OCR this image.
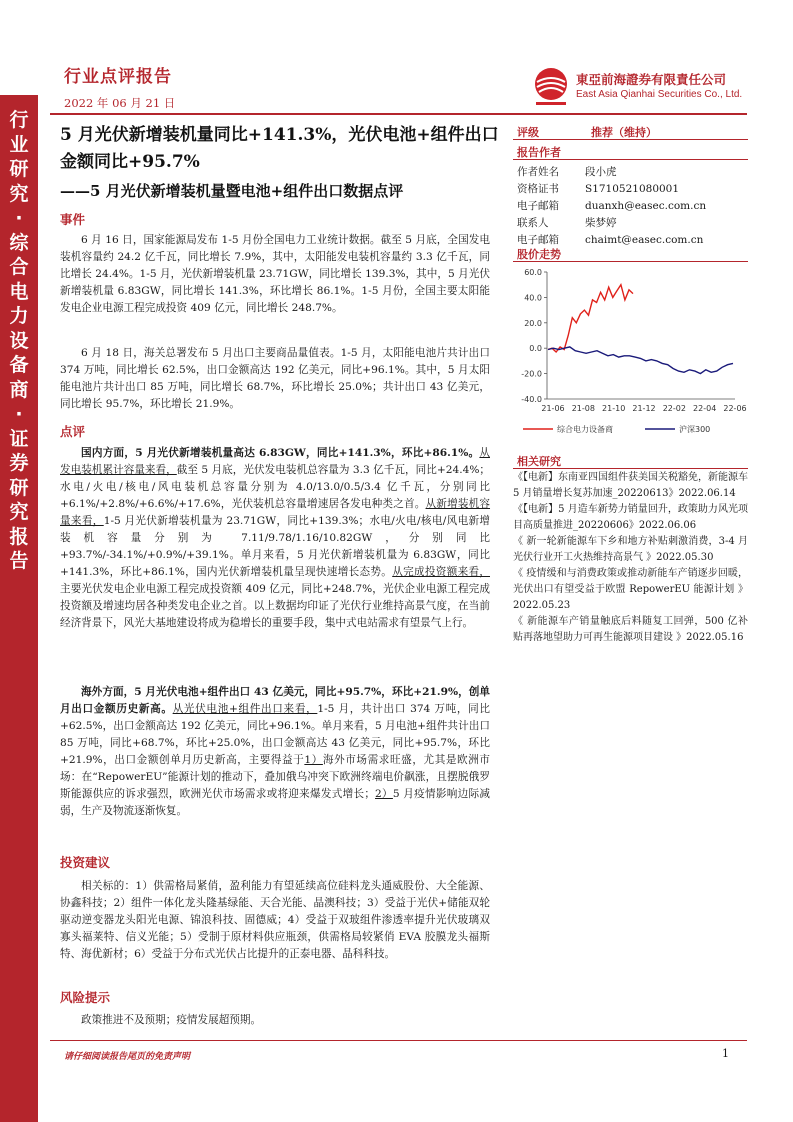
行
业
研
究
·
综
合
电
力
设
备
商
·
证
券
研
究
报
告
行业点评报告
2022 年 06 月 21 日
東亞前海證券有限責任公司
East Asia Qianhai Securities Co., Ltd.
5 月光伏新增装机量同比+141.3%，光伏电池+组件出口金额同比+95.7%
——5 月光伏新增装机量暨电池+组件出口数据点评
事件
6 月 16 日，国家能源局发布 1-5 月份全国电力工业统计数据。截至 5 月底，全国发电装机容量约 24.2 亿千瓦，同比增长 7.9%，其中，太阳能发电装机容量约 3.3 亿千瓦，同比增长 24.4%。1-5 月，光伏新增装机量 23.71GW，同比增长 139.3%，其中，5 月光伏新增装机量 6.83GW，同比增长 141.3%，环比增长 86.1%。1-5 月份，全国主要太阳能发电企业电源工程完成投资 409 亿元，同比增长 248.7%。
6 月 18 日，海关总署发布 5 月出口主要商品量值表。1-5 月，太阳能电池片共计出口 374 万吨，同比增长 62.5%，出口金额高达 192 亿美元，同比+96.1%。其中，5 月太阳能电池片共计出口 85 万吨，同比增长 68.7%，环比增长 25.0%；共计出口 43 亿美元，同比增长 95.7%，环比增长 21.9%。
点评
国内方面，5 月光伏新增装机量高达 6.83GW，同比+141.3%，环比+86.1%。从发电装机累计容量来看，截至 5 月底，光伏发电装机总容量为 3.3 亿千瓦，同比+24.4%；水电/火电/核电/风电装机总容量分别为 4.0/13.0/0.5/3.4 亿千瓦，分别同比+6.1%/+2.8%/+6.6%/+17.6%，光伏装机总容量增速居各发电种类之首。从新增装机容量来看，1-5 月光伏新增装机量为 23.71GW，同比+139.3%；水电/火电/核电/风电新增装机容量分别为 7.11/9.78/1.16/10.82GW，分别同比+93.7%/-34.1%/+0.9%/+39.1%。单月来看，5 月光伏新增装机量为 6.83GW，同比+141.3%，环比+86.1%，国内光伏新增装机量呈现快速增长态势。从完成投资额来看，主要光伏发电企业电源工程完成投资额 409 亿元，同比+248.7%，光伏企业电源工程完成投资额及增速均居各种类发电企业之首。以上数据均印证了光伏行业维持高景气度，在当前经济背景下，风光大基地建设将成为稳增长的重要手段，集中式电站需求有望景气上行。
海外方面，5 月光伏电池+组件出口 43 亿美元，同比+95.7%，环比+21.9%，创单月出口金额历史新高。从光伏电池+组件出口来看，1-5 月，共计出口 374 万吨，同比+62.5%，出口金额高达 192 亿美元，同比+96.1%。单月来看，5 月电池+组件共计出口 85 万吨，同比+68.7%，环比+25.0%，出口金额高达 43 亿美元，同比+95.7%，环比+21.9%，出口金额创单月历史新高，主要得益于1）海外市场需求旺盛，尤其是欧洲市场：在“RepowerEU”能源计划的推动下，叠加俄乌冲突下欧洲终端电价飙涨，且摆脱俄罗斯能源供应的诉求强烈，欧洲光伏市场需求或将迎来爆发式增长；2）5 月疫情影响边际减弱，生产及物流逐渐恢复。
投资建议
相关标的：1）供需格局紧俏，盈利能力有望延续高位硅料龙头通威股份、大全能源、协鑫科技；2）组件一体化龙头隆基绿能、天合光能、晶澳科技；3）受益于光伏+储能双轮驱动逆变器龙头阳光电源、锦浪科技、固德威；4）受益于双玻组件渗透率提升光伏玻璃双寡头福莱特、信义光能；5）受制于原材料供应瓶颈，供需格局较紧俏 EVA 胶膜龙头福斯特、海优新材；6）受益于分布式光伏占比提升的正泰电器、晶科科技。
风险提示
政策推进不及预期；疫情发展超预期。
评级	推荐（维持）
报告作者
股价走势
60.0
40.0
20.0
0.0
-20.0
-40.0
21-06 21-08 21-10 21-12 22-02 22-04 22-06
综合电力设备商	沪深300
相关研究

《【电新】东南亚四国组件获美国关税豁免，新能源车 5 月销量增长复苏加速_20220613》2022.06.14

《【电新】5 月造车新势力销量回升，政策助力风光项目高质量推进_20220606》2022.06.06

《 新一轮新能源车下乡和地方补贴刺激消费，3-4 月光伏行业开工火热维持高景气 》2022.05.30

《 疫情缓和与消费政策或推动新能车产销逐步回暖，光伏出口有望受益于欧盟 RepowerEU 能源计划 》2022.05.23

《 新能源车产销量触底后料随复工回弹，500 亿补贴再落地望助力可再生能源项目建设 》2022.05.16

请仔细阅读报告尾页的免责声明	1
作者姓名 段小虎
资格证书 S1710521080001
电子邮箱 duanxh@easec.com.cn
联系人	柴梦婷
电子邮箱 chaimt@easec.com.cn
